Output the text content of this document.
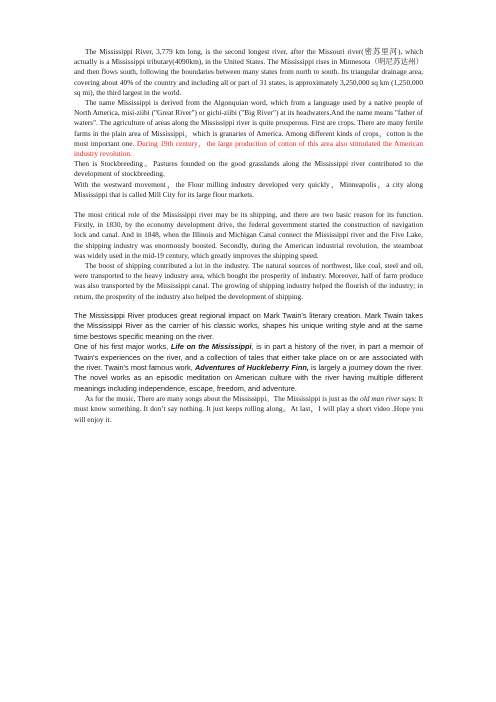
The Mississippi River, 3,779 km long, is the second longest river, after the Missouri river(密苏里河), which actually is a Mississippi tributary(4090km), in the United States. The Mississippi rises in Minnesota（明尼苏达州）and then flows south, following the boundaries between many states from north to south. Its triangular drainage area, covering about 40% of the country and including all or part of 31 states, is approximately 3,250,000 sq km (1,250,000 sq mi), the third largest in the world.

The name Mississippi is derived from the Algonquian word, which from a language used by a native people of North America, misi-ziibi ("Great River") or gichi-ziibi ("Big River") at its headwaters.And the name means "father of waters". The agriculture of areas along the Mississippi river is quite prosperous. First are crops. There are many fertile farms in the plain area of Mississippi，which is granaries of America. Among different kinds of crops，cotton is the most important one. During 19th century，the large production of cotton of this area also stimulated the American industry revolution.

Then is Stockbreeding。Pastures founded on the good grasslands along the Mississippi river contributed to the development of stockbreeding.

With the westward movement，the Flour milling industry developed very quickly，Minneapolis，a city along Mississippi that is called Mill City for its large flour markets.

The most critical role of the Mississippi river may be its shipping, and there are two basic reason for its function. Firstly, in 1830, by the economy development drive, the federal government started the construction of navigation lock and canal. And in 1848, when the Illinois and Michigan Canal connect the Mississippi river and the Five Lake, the shipping industry was enormously boosted. Secondly, during the American industrial revolution, the steamboat was widely used in the mid-19 century, which greatly improves the shipping speed.

The boost of shipping contributed a lot in the industry. The natural sources of northwest, like coal, steel and oil, were transported to the heavy industry area, which bought the prosperity of industry. Moreover, half of farm produce was also transported by the Mississippi canal. The growing of shipping industry helped the flourish of the industry; in return, the prosperity of the industry also helped the development of shipping.

The Mississippi River produces great regional impact on Mark Twain's literary creation. Mark Twain takes the Mississippi River as the carrier of his classic works, shapes his unique writing style and at the same time bestows specific meaning on the river.

One of his first major works, Life on the Mississippi, is in part a history of the river, in part a memoir of Twain's experiences on the river, and a collection of tales that either take place on or are associated with the river. Twain's most famous work, Adventures of Huckleberry Finn, is largely a journey down the river. The novel works as an episodic meditation on American culture with the river having multiple different meanings including independence, escape, freedom, and adventure.

As for the music, There are many songs about the Mississippi。The Mississippi is just as the old man river says: It must know something. It don’t say nothing. It just keeps rolling along。At last，I will play a short video .Hope you will enjoy it.
